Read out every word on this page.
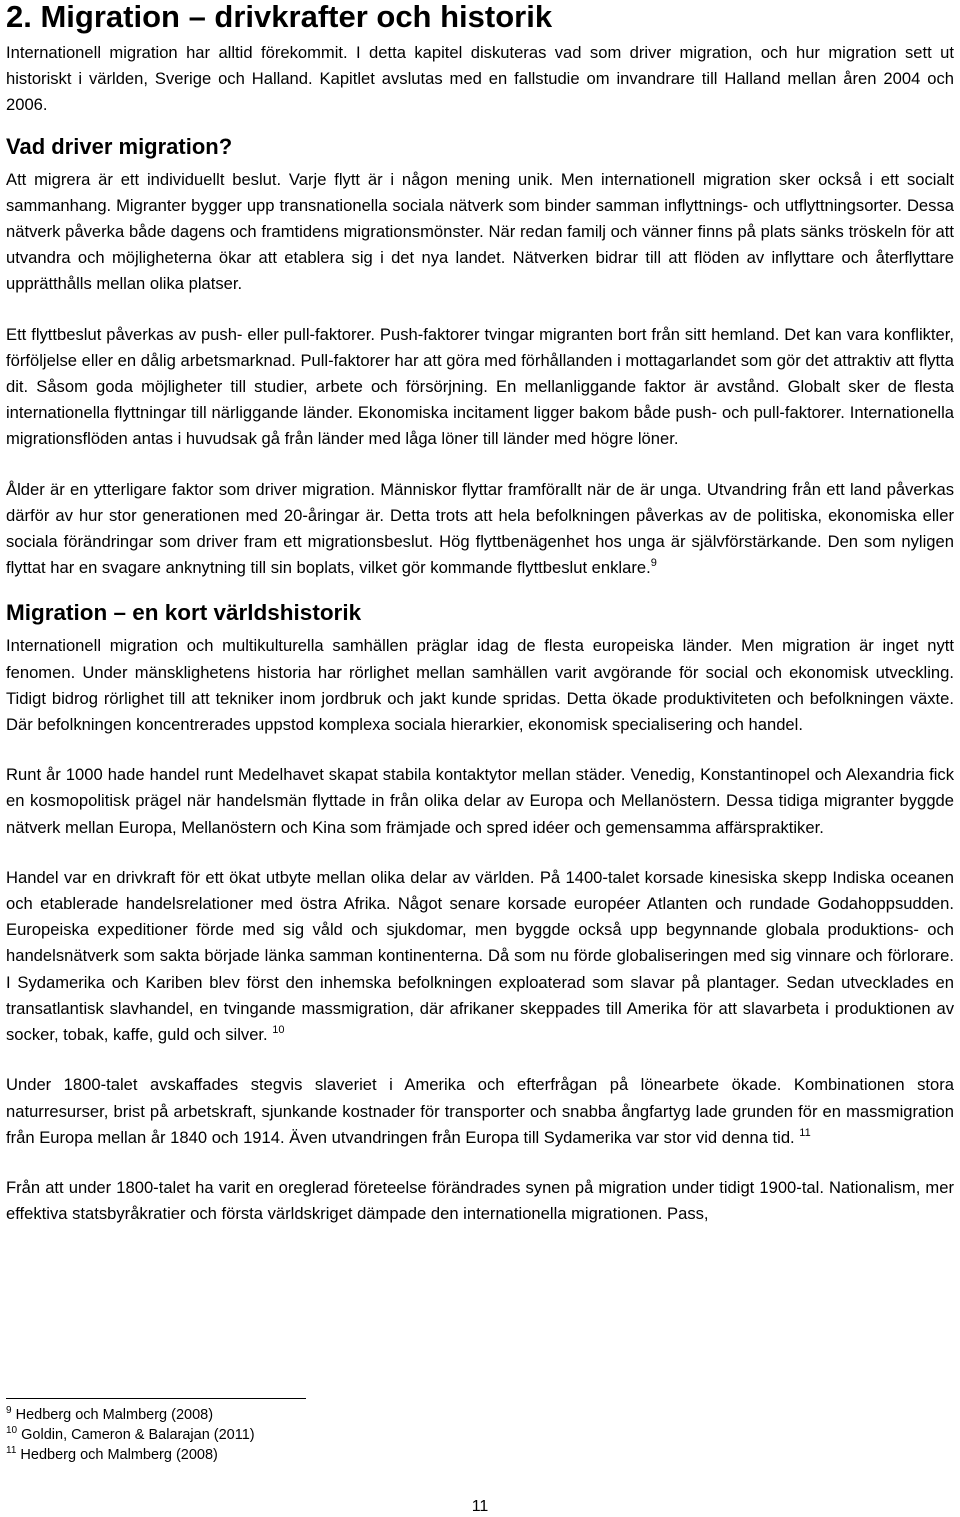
2. Migration – drivkrafter och historik

Internationell migration har alltid förekommit. I detta kapitel diskuteras vad som driver migration, och hur migration sett ut historiskt i världen, Sverige och Halland. Kapitlet avslutas med en fallstudie om invandrare till Halland mellan åren 2004 och 2006.

Vad driver migration?

Att migrera är ett individuellt beslut. Varje flytt är i någon mening unik. Men internationell migration sker också i ett socialt sammanhang. Migranter bygger upp transnationella sociala nätverk som binder samman inflyttnings- och utflyttningsorter. Dessa nätverk påverka både dagens och framtidens migrationsmönster. När redan familj och vänner finns på plats sänks tröskeln för att utvandra och möjligheterna ökar att etablera sig i det nya landet. Nätverken bidrar till att flöden av inflyttare och återflyttare upprätthålls mellan olika platser.

Ett flyttbeslut påverkas av push- eller pull-faktorer. Push-faktorer tvingar migranten bort från sitt hemland. Det kan vara konflikter, förföljelse eller en dålig arbetsmarknad. Pull-faktorer har att göra med förhållanden i mottagarlandet som gör det attraktiv att flytta dit. Såsom goda möjligheter till studier, arbete och försörjning. En mellanliggande faktor är avstånd. Globalt sker de flesta internationella flyttningar till närliggande länder. Ekonomiska incitament ligger bakom både push- och pull-faktorer. Internationella migrationsflöden antas i huvudsak gå från länder med låga löner till länder med högre löner.

Ålder är en ytterligare faktor som driver migration. Människor flyttar framförallt när de är unga. Utvandring från ett land påverkas därför av hur stor generationen med 20-åringar är. Detta trots att hela befolkningen påverkas av de politiska, ekonomiska eller sociala förändringar som driver fram ett migrationsbeslut. Hög flyttbenägenhet hos unga är självförstärkande. Den som nyligen flyttat har en svagare anknytning till sin boplats, vilket gör kommande flyttbeslut enklare.$^9$

Migration – en kort världshistorik

Internationell migration och multikulturella samhällen präglar idag de flesta europeiska länder. Men migration är inget nytt fenomen. Under mänsklighetens historia har rörlighet mellan samhällen varit avgörande för social och ekonomisk utveckling. Tidigt bidrog rörlighet till att tekniker inom jordbruk och jakt kunde spridas. Detta ökade produktiviteten och befolkningen växte. Där befolkningen koncentrerades uppstod komplexa sociala hierarkier, ekonomisk specialisering och handel.

Runt år 1000 hade handel runt Medelhavet skapat stabila kontaktytor mellan städer. Venedig, Konstantinopel och Alexandria fick en kosmopolitisk prägel när handelsmän flyttade in från olika delar av Europa och Mellanöstern. Dessa tidiga migranter byggde nätverk mellan Europa, Mellanöstern och Kina som främjade och spred idéer och gemensamma affärspraktiker.

Handel var en drivkraft för ett ökat utbyte mellan olika delar av världen. På 1400-talet korsade kinesiska skepp Indiska oceanen och etablerade handelsrelationer med östra Afrika. Något senare korsade européer Atlanten och rundade Godahoppsudden. Europeiska expeditioner förde med sig våld och sjukdomar, men byggde också upp begynnande globala produktions- och handelsnätverk som sakta började länka samman kontinenterna. Då som nu förde globaliseringen med sig vinnare och förlorare. I Sydamerika och Kariben blev först den inhemska befolkningen exploaterad som slavar på plantager. Sedan utvecklades en transatlantisk slavhandel, en tvingande massmigration, där afrikaner skeppades till Amerika för att slavarbeta i produktionen av socker, tobak, kaffe, guld och silver. $^{10}$

Under 1800-talet avskaffades stegvis slaveriet i Amerika och efterfrågan på lönearbete ökade. Kombinationen stora naturresurser, brist på arbetskraft, sjunkande kostnader för transporter och snabba ångfartyg lade grunden för en massmigration från Europa mellan år 1840 och 1914. Även utvandringen från Europa till Sydamerika var stor vid denna tid. $^{11}$

Från att under 1800-talet ha varit en oreglerad företeelse förändrades synen på migration under tidigt 1900-tal. Nationalism, mer effektiva statsbyråkratier och första världskriget dämpade den internationella migrationen. Pass,

$^9$ Hedberg och Malmberg (2008)
$^{10}$ Goldin, Cameron & Balarajan (2011)
$^{11}$ Hedberg och Malmberg (2008)
11
